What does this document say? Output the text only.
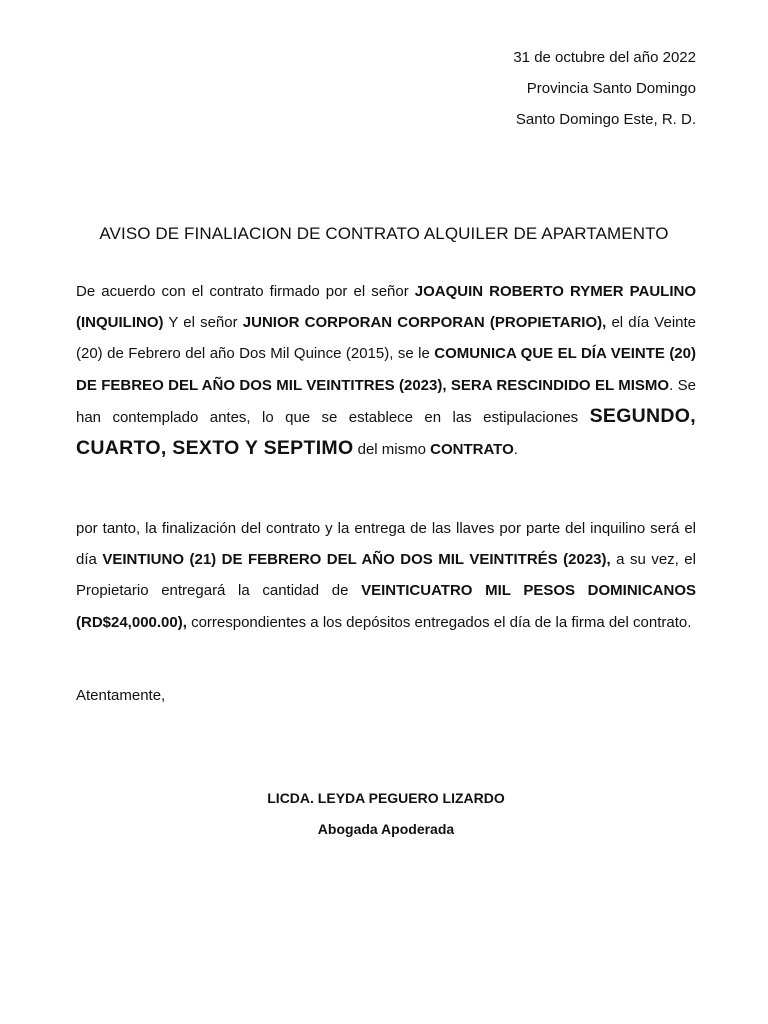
31 de octubre del año 2022
Provincia Santo Domingo
Santo Domingo Este, R. D.
AVISO DE FINALIACION DE CONTRATO ALQUILER DE APARTAMENTO
De acuerdo con el contrato firmado por el señor JOAQUIN ROBERTO RYMER PAULINO (INQUILINO) Y el señor JUNIOR CORPORAN CORPORAN (PROPIETARIO), el día Veinte (20) de Febrero del año Dos Mil Quince (2015), se le COMUNICA QUE EL DÍA VEINTE (20) DE FEBREO DEL AÑO DOS MIL VEINTITRES (2023), SERA RESCINDIDO EL MISMO. Se han contemplado antes, lo que se establece en las estipulaciones SEGUNDO, CUARTO, SEXTO Y SEPTIMO del mismo CONTRATO.
por tanto, la finalización del contrato y la entrega de las llaves por parte del inquilino será el día VEINTIUNO (21) DE FEBRERO DEL AÑO DOS MIL VEINTITRÉS (2023), a su vez, el Propietario entregará la cantidad de VEINTICUATRO MIL PESOS DOMINICANOS (RD$24,000.00), correspondientes a los depósitos entregados el día de la firma del contrato.
Atentamente,
LICDA. LEYDA PEGUERO LIZARDO
Abogada Apoderada
